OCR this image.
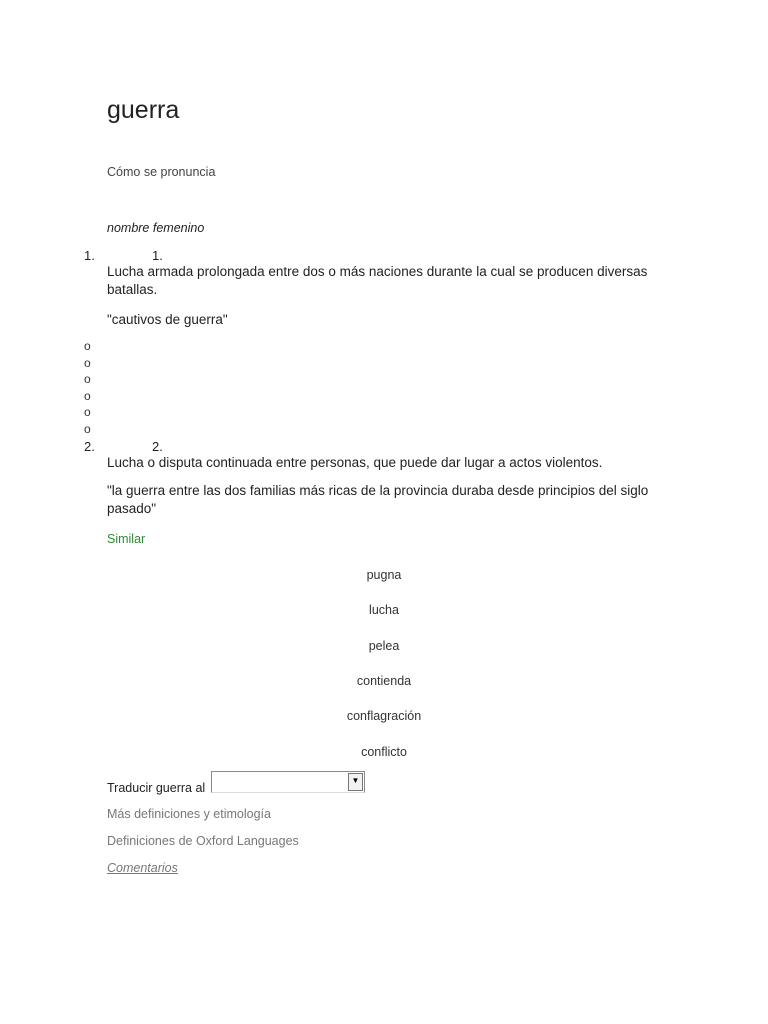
guerra
Cómo se pronuncia
nombre femenino
1.	1.
Lucha armada prolongada entre dos o más naciones durante la cual se producen diversas batallas.
"cautivos de guerra"
o
o
o
o
o
o
2.	2.
Lucha o disputa continuada entre personas, que puede dar lugar a actos violentos.
"la guerra entre las dos familias más ricas de la provincia duraba desde principios del siglo pasado"
Similar
pugna
lucha
pelea
contienda
conflagración
conflicto
Traducir guerra al
▼
Más definiciones y etimología
Definiciones de Oxford Languages
Comentarios
